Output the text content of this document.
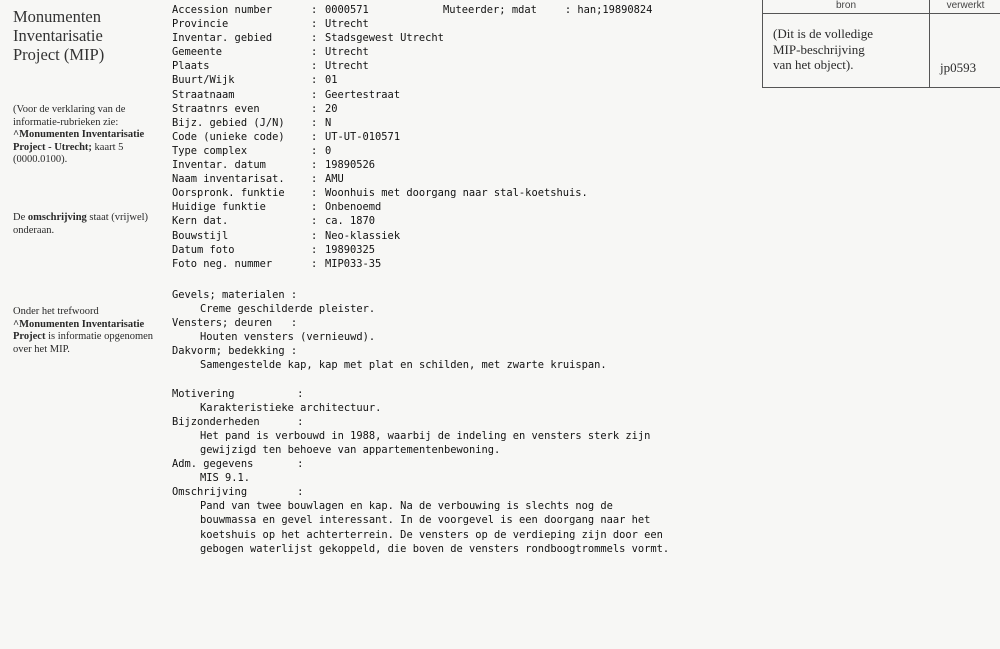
Monumenten
Inventarisatie
Project (MIP)
(Voor de verklaring van de informatie-rubrieken zie: ^Monumenten Inventarisatie Project - Utrecht; kaart 5 (0000.0100).
De omschrijving staat (vrijwel) onderaan.
Onder het trefwoord ^Monumenten Inventarisatie Project is informatie opgenomen over het MIP.
bron	verwerkt
(Dit is de volledige
MIP-beschrijving
van het object).	jp0593
Muteerder; mdat	: han;19890824
Accession number	: 0000571
Provincie	: Utrecht
Inventar. gebied	: Stadsgewest Utrecht
Gemeente	: Utrecht
Plaats	: Utrecht
Buurt/Wijk	: 01
Straatnaam	: Geertestraat
Straatnrs even	: 20
Bijz. gebied (J/N)	: N
Code (unieke code)	: UT-UT-010571
Type complex	: 0
Inventar. datum	: 19890526
Naam inventarisat.	: AMU
Oorspronk. funktie	: Woonhuis met doorgang naar stal-koetshuis.
Huidige funktie	: Onbenoemd
Kern dat.	: ca. 1870
Bouwstijl	: Neo-klassiek
Datum foto	: 19890325
Foto neg. nummer	: MIP033-35
Gevels; materialen :
Creme geschilderde pleister.
Vensters; deuren   :
Houten vensters (vernieuwd).
Dakvorm; bedekking :
Samengestelde kap, kap met plat en schilden, met zwarte kruispan.
Motivering          :
Karakteristieke architectuur.
Bijzonderheden      :
Het pand is verbouwd in 1988, waarbij de indeling en vensters sterk zijn
gewijzigd ten behoeve van appartementenbewoning.
Adm. gegevens       :
MIS 9.1.
Omschrijving        :
Pand van twee bouwlagen en kap. Na de verbouwing is slechts nog de
bouwmassa en gevel interessant. In de voorgevel is een doorgang naar het
koetshuis op het achterterrein. De vensters op de verdieping zijn door een
gebogen waterlijst gekoppeld, die boven de vensters rondboogtrommels vormt.
